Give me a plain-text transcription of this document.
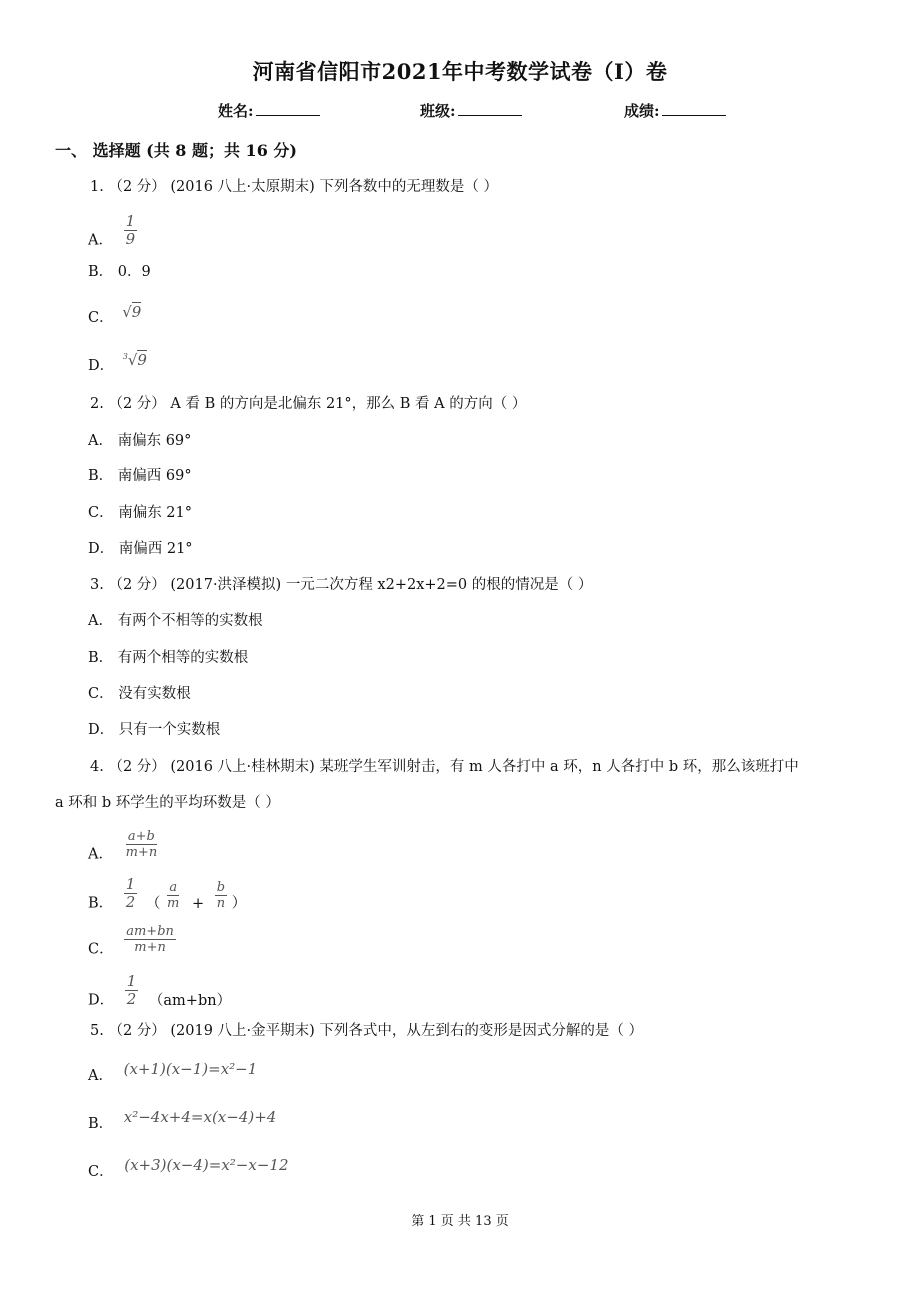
河南省信阳市2021年中考数学试卷（I）卷
姓名:	班级:	成绩:
一、 选择题 (共 8 题；共 16 分)
1. （2 分） (2016 八上·太原期末) 下列各数中的无理数是（ ）
A． $\frac{1}{9}$
B． 0．9
C． √9
D． $^3$√9
2. （2 分） A 看 B 的方向是北偏东 21°，那么 B 看 A 的方向（ ）
A． 南偏东 69°
B． 南偏西 69°
C． 南偏东 21°
D． 南偏西 21°
3. （2 分） (2017·洪泽模拟) 一元二次方程 x2+2x+2=0 的根的情况是（ ）
A． 有两个不相等的实数根
B． 有两个相等的实数根
C． 没有实数根
D． 只有一个实数根
4. （2 分） (2016 八上·桂林期末) 某班学生军训射击，有 m 人各打中 a 环，n 人各打中 b 环，那么该班打中
a 环和 b 环学生的平均环数是（ ）
A． $\frac{a+b}{m+n}$
B． $\frac{1}{2}$ （ $\frac{a}{m} + \frac{b}{n}$ ）
C． $\frac{am+bn}{m+n}$
D． $\frac{1}{2} (am+bn)$
5. （2 分） (2019 八上·金平期末) 下列各式中，从左到右的变形是因式分解的是（ ）
A． (x+1)(x−1)=x²−1
B． x²−4x+4=x(x−4)+4
C． (x+3)(x−4)=x²−x−12
第 1 页 共 13 页
